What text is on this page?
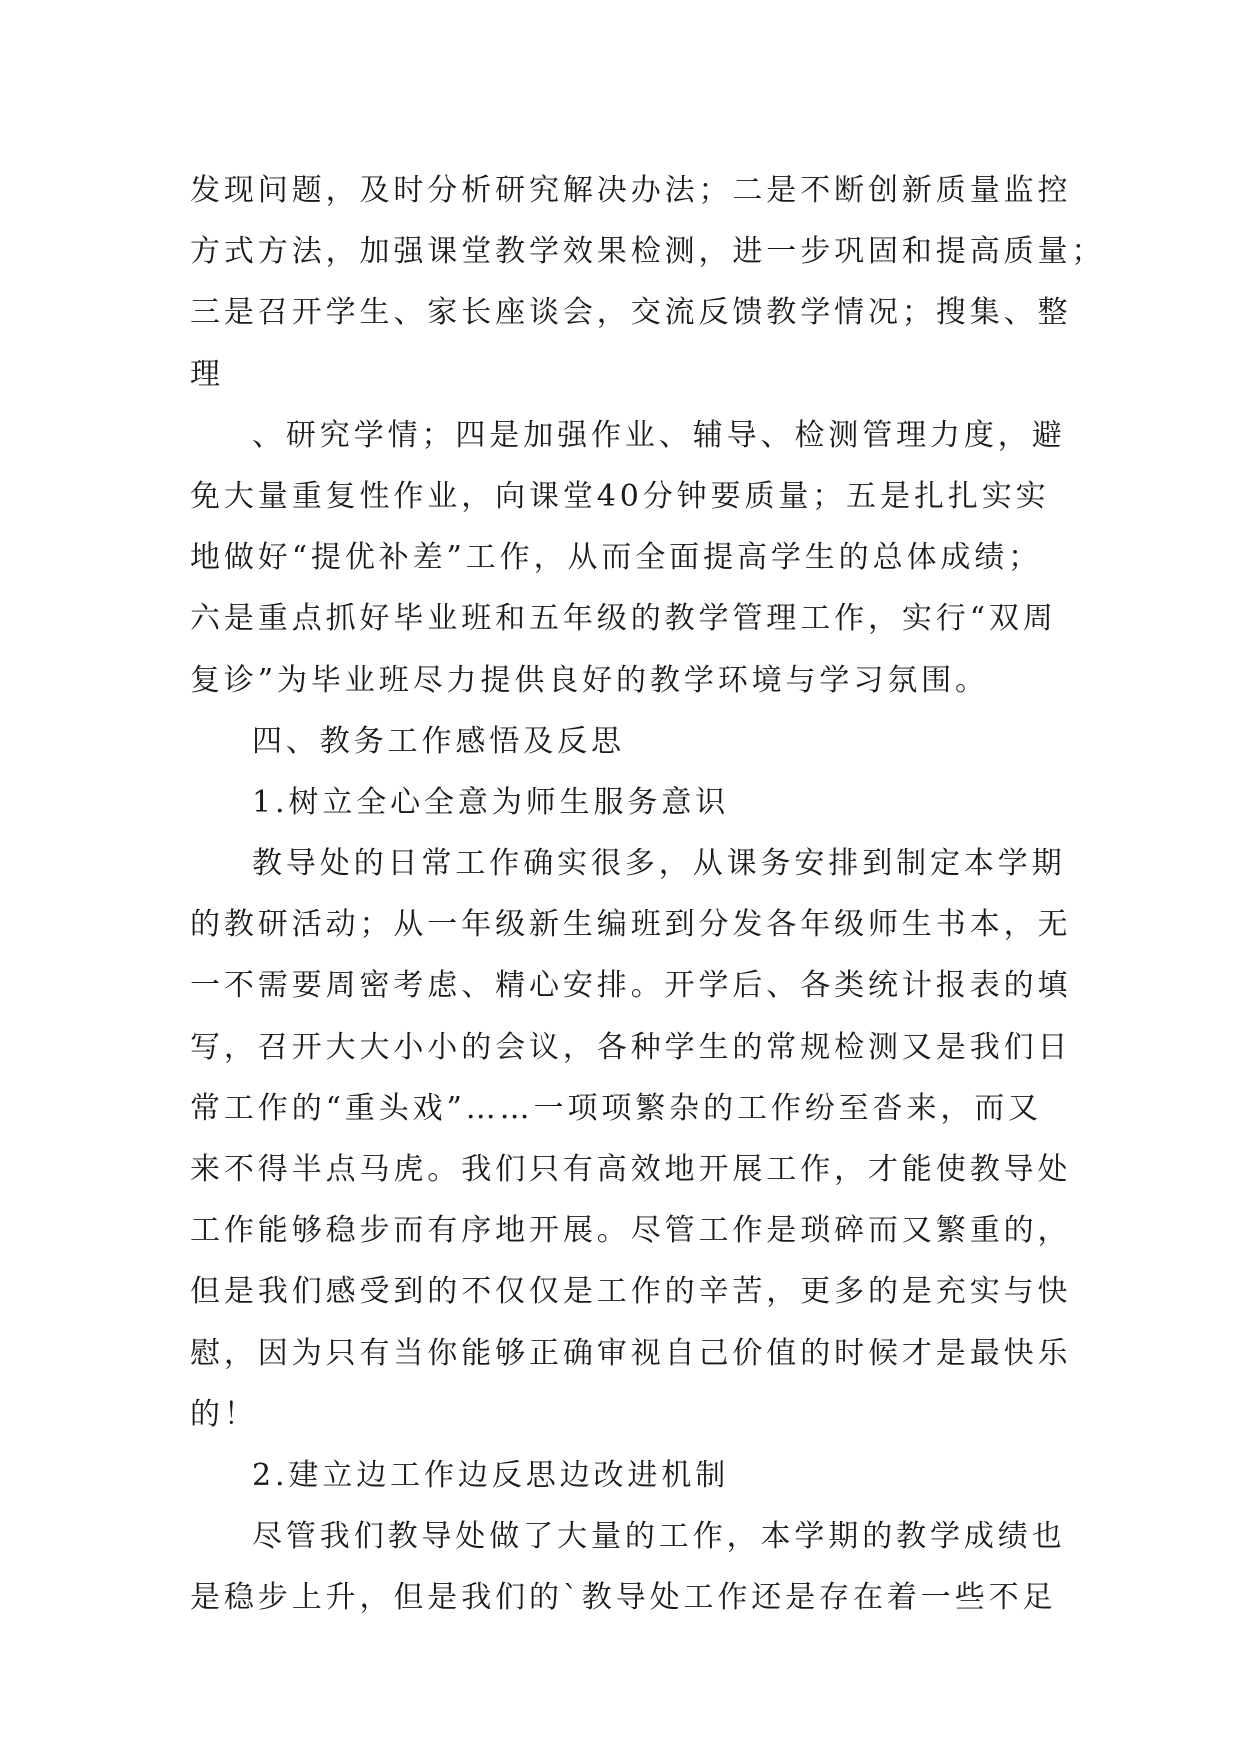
发现问题，及时分析研究解决办法；二是不断创新质量监控
方式方法，加强课堂教学效果检测，进一步巩固和提高质量；
三是召开学生、家长座谈会，交流反馈教学情况；搜集、整
理
、研究学情；四是加强作业、辅导、检测管理力度，避
免大量重复性作业，向课堂40分钟要质量；五是扎扎实实
地做好“提优补差”工作，从而全面提高学生的总体成绩；
六是重点抓好毕业班和五年级的教学管理工作，实行“双周
复诊”为毕业班尽力提供良好的教学环境与学习氛围。
四、教务工作感悟及反思
1.树立全心全意为师生服务意识
教导处的日常工作确实很多，从课务安排到制定本学期
的教研活动；从一年级新生编班到分发各年级师生书本，无
一不需要周密考虑、精心安排。开学后、各类统计报表的填
写，召开大大小小的会议，各种学生的常规检测又是我们日
常工作的“重头戏”……一项项繁杂的工作纷至沓来，而又
来不得半点马虎。我们只有高效地开展工作，才能使教导处
工作能够稳步而有序地开展。尽管工作是琐碎而又繁重的，
但是我们感受到的不仅仅是工作的辛苦，更多的是充实与快
慰，因为只有当你能够正确审视自己价值的时候才是最快乐
的！
2.建立边工作边反思边改进机制
尽管我们教导处做了大量的工作，本学期的教学成绩也
是稳步上升，但是我们的`教导处工作还是存在着一些不足
